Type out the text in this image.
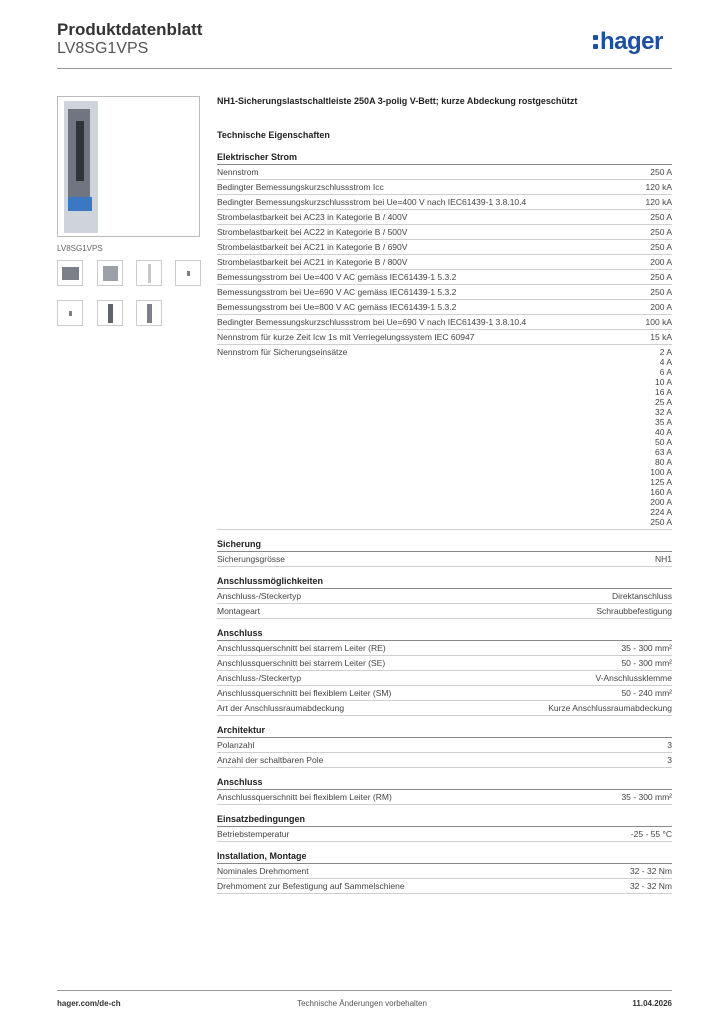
Produktdatenblatt
LV8SG1VPS	hager
LV8SG1VPS
NH1-Sicherungslastschaltleiste 250A 3-polig V-Bett; kurze Abdeckung rostgeschützt
Technische Eigenschaften
Elektrischer Strom
Nennstrom	250 A
Bedingter Bemessungskurzschlussstrom Icc	120 kA
Bedingter Bemessungskurzschlussstrom bei Ue=400 V nach IEC61439-1 3.8.10.4	120 kA
Strombelastbarkeit bei AC23 in Kategorie B / 400V	250 A
Strombelastbarkeit bei AC22 in Kategorie B / 500V	250 A
Strombelastbarkeit bei AC21 in Kategorie B / 690V	250 A
Strombelastbarkeit bei AC21 in Kategorie B / 800V	200 A
Bemessungsstrom bei Ue=400 V AC gemäss IEC61439-1 5.3.2	250 A
Bemessungsstrom bei Ue=690 V AC gemäss IEC61439-1 5.3.2	250 A
Bemessungsstrom bei Ue=800 V AC gemäss IEC61439-1 5.3.2	200 A
Bedingter Bemessungskurzschlussstrom bei Ue=690 V nach IEC61439-1 3.8.10.4	100 kA
Nennstrom für kurze Zeit Icw 1s mit Verriegelungssystem IEC 60947	15 kA
Nennstrom für Sicherungseinsätze	2 A
4 A
6 A
10 A
16 A
25 A
32 A
35 A
40 A
50 A
63 A
80 A
100 A
125 A
160 A
200 A
224 A
250 A
Sicherung
Sicherungsgrösse	NH1
Anschlussmöglichkeiten
Anschluss-/Steckertyp	Direktanschluss
Montageart	Schraubbefestigung
Anschluss
Anschlussquerschnitt bei starrem Leiter (RE)	35 - 300 mm²
Anschlussquerschnitt bei starrem Leiter (SE)	50 - 300 mm²
Anschluss-/Steckertyp	V-Anschlussklemme
Anschlussquerschnitt bei flexiblem Leiter (SM)	50 - 240 mm²
Art der Anschlussraumabdeckung	Kurze Anschlussraumabdeckung
Architektur
Polanzahl	3
Anzahl der schaltbaren Pole	3
Anschluss
Anschlussquerschnitt bei flexiblem Leiter (RM)	35 - 300 mm²
Einsatzbedingungen
Betriebstemperatur	-25 - 55 °C
Installation, Montage
Nominales Drehmoment	32 - 32 Nm
Drehmoment zur Befestigung auf Sammelschiene	32 - 32 Nm
hager.com/de-ch	Technische Änderungen vorbehalten	11.04.2026
